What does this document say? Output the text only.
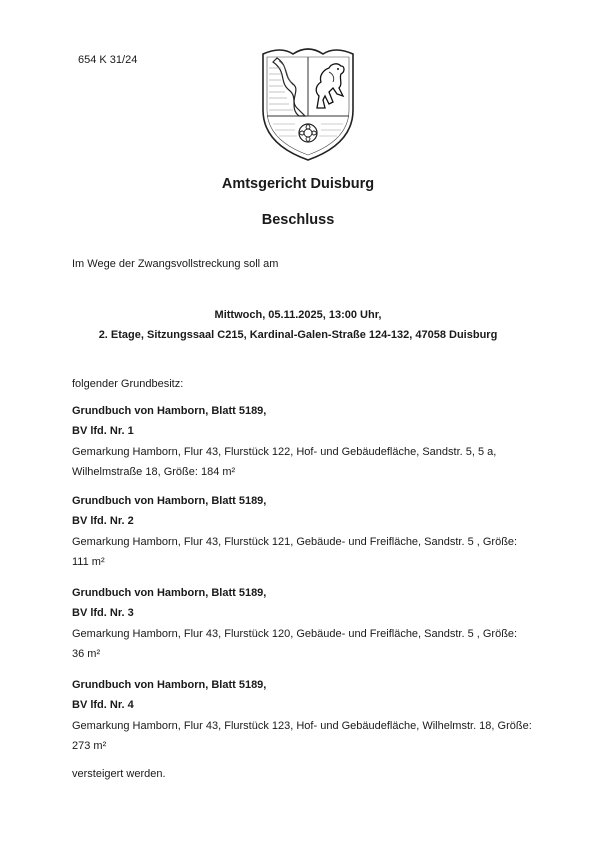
654 K 31/24
Amtsgericht Duisburg
Beschluss
Im Wege der Zwangsvollstreckung soll am
Mittwoch, 05.11.2025, 13:00 Uhr,
2. Etage, Sitzungssaal C215, Kardinal-Galen-Straße 124-132, 47058 Duisburg
folgender Grundbesitz:
Grundbuch von Hamborn, Blatt 5189,
BV lfd. Nr. 1
Gemarkung Hamborn, Flur 43, Flurstück 122, Hof- und Gebäudefläche, Sandstr. 5, 5 a, Wilhelmstraße 18, Größe: 184 m²
Grundbuch von Hamborn, Blatt 5189,
BV lfd. Nr. 2
Gemarkung Hamborn, Flur 43, Flurstück 121, Gebäude- und Freifläche, Sandstr. 5 , Größe: 111 m²
Grundbuch von Hamborn, Blatt 5189,
BV lfd. Nr. 3
Gemarkung Hamborn, Flur 43, Flurstück 120, Gebäude- und Freifläche, Sandstr. 5 , Größe: 36 m²
Grundbuch von Hamborn, Blatt 5189,
BV lfd. Nr. 4
Gemarkung Hamborn, Flur 43, Flurstück 123, Hof- und Gebäudefläche, Wilhelmstr. 18, Größe: 273 m²
versteigert werden.
